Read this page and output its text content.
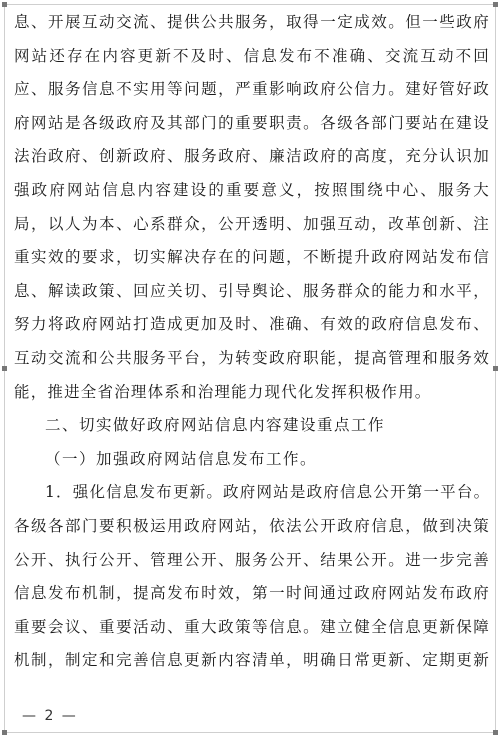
息、开展互动交流、提供公共服务，取得一定成效。但一些政府
网站还存在内容更新不及时、信息发布不准确、交流互动不回
应、服务信息不实用等问题，严重影响政府公信力。建好管好政
府网站是各级政府及其部门的重要职责。各级各部门要站在建设
法治政府、创新政府、服务政府、廉洁政府的高度，充分认识加
强政府网站信息内容建设的重要意义，按照围绕中心、服务大
局，以人为本、心系群众，公开透明、加强互动，改革创新、注
重实效的要求，切实解决存在的问题，不断提升政府网站发布信
息、解读政策、回应关切、引导舆论、服务群众的能力和水平，
努力将政府网站打造成更加及时、准确、有效的政府信息发布、
互动交流和公共服务平台，为转变政府职能，提高管理和服务效
能，推进全省治理体系和治理能力现代化发挥积极作用。
二、切实做好政府网站信息内容建设重点工作
（一）加强政府网站信息发布工作。
1．强化信息发布更新。政府网站是政府信息公开第一平台。
各级各部门要积极运用政府网站，依法公开政府信息，做到决策
公开、执行公开、管理公开、服务公开、结果公开。进一步完善
信息发布机制，提高发布时效，第一时间通过政府网站发布政府
重要会议、重要活动、重大政策等信息。建立健全信息更新保障
机制，制定和完善信息更新内容清单，明确日常更新、定期更新
— 2 —
